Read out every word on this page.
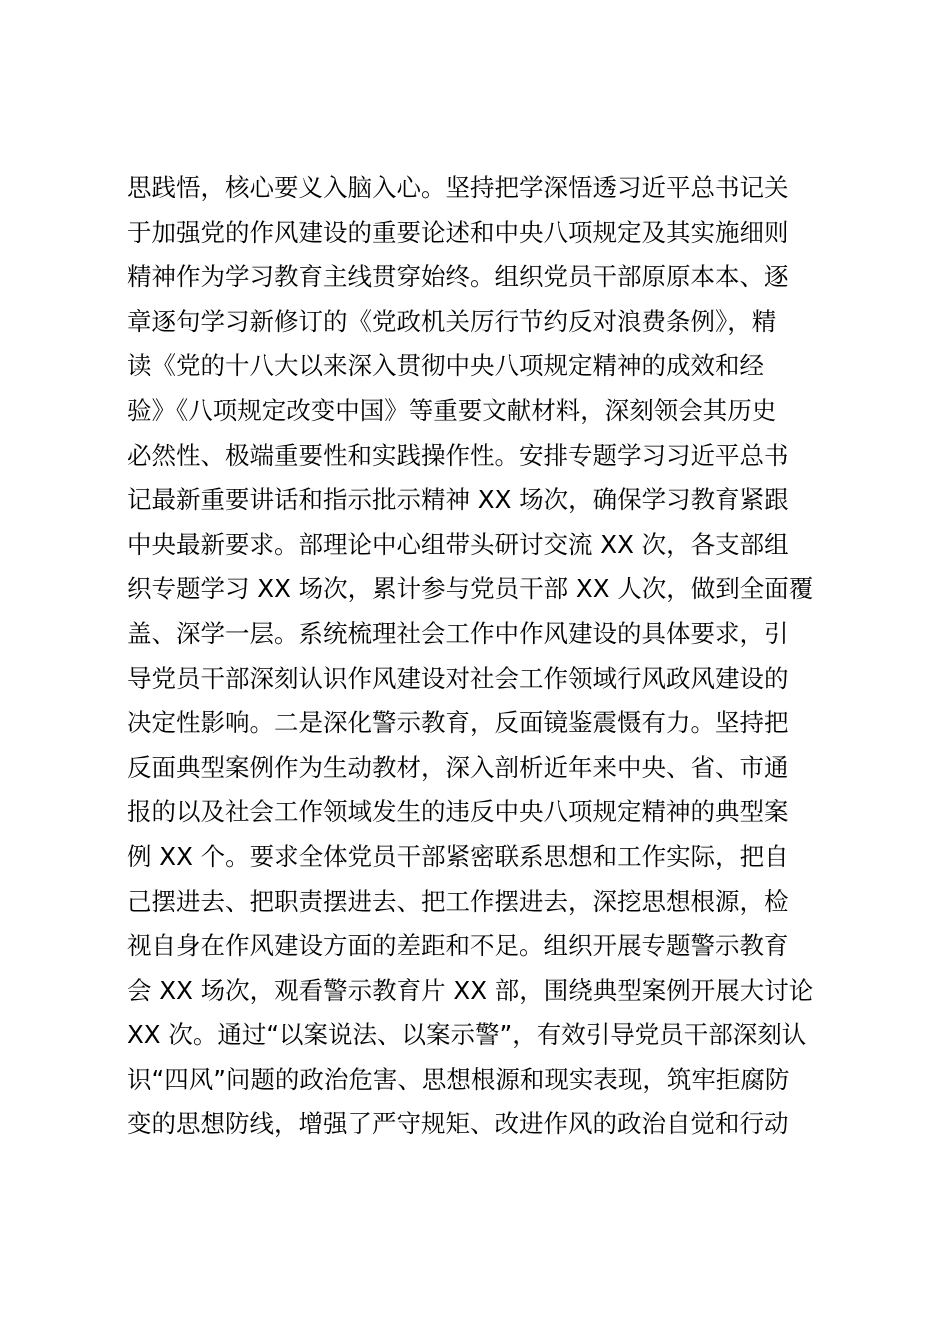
思践悟，核心要义入脑入心。坚持把学深悟透习近平总书记关
于加强党的作风建设的重要论述和中央八项规定及其实施细则
精神作为学习教育主线贯穿始终。组织党员干部原原本本、逐
章逐句学习新修订的《党政机关厉行节约反对浪费条例》，精
读《党的十八大以来深入贯彻中央八项规定精神的成效和经
验》《八项规定改变中国》等重要文献材料，深刻领会其历史
必然性、极端重要性和实践操作性。安排专题学习习近平总书
记最新重要讲话和指示批示精神 XX 场次，确保学习教育紧跟
中央最新要求。部理论中心组带头研讨交流 XX 次，各支部组
织专题学习 XX 场次，累计参与党员干部 XX 人次，做到全面覆
盖、深学一层。系统梳理社会工作中作风建设的具体要求，引
导党员干部深刻认识作风建设对社会工作领域行风政风建设的
决定性影响。二是深化警示教育，反面镜鉴震慑有力。坚持把
反面典型案例作为生动教材，深入剖析近年来中央、省、市通
报的以及社会工作领域发生的违反中央八项规定精神的典型案
例 XX 个。要求全体党员干部紧密联系思想和工作实际，把自
己摆进去、把职责摆进去、把工作摆进去，深挖思想根源，检
视自身在作风建设方面的差距和不足。组织开展专题警示教育
会 XX 场次，观看警示教育片 XX 部，围绕典型案例开展大讨论
XX 次。通过“以案说法、以案示警”，有效引导党员干部深刻认
识“四风”问题的政治危害、思想根源和现实表现，筑牢拒腐防
变的思想防线，增强了严守规矩、改进作风的政治自觉和行动
